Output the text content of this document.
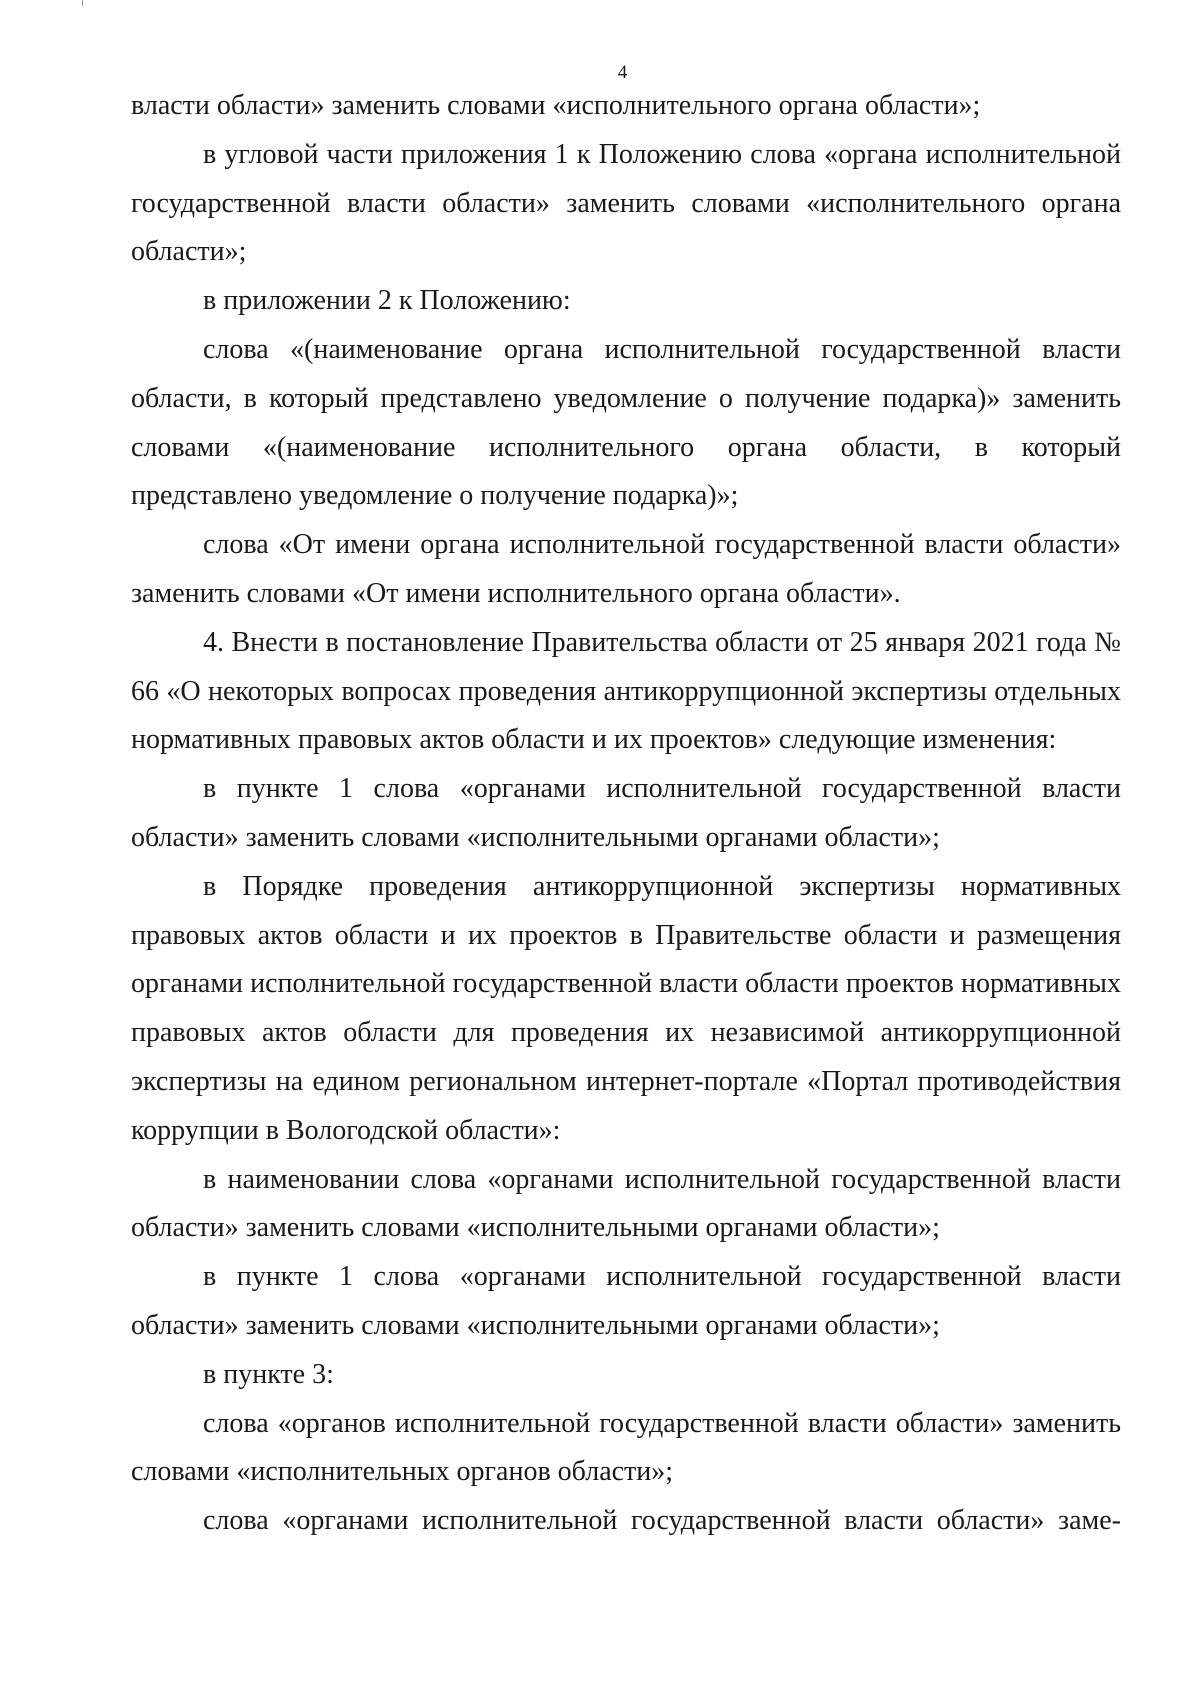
4

власти области» заменить словами «исполнительного органа области»;

в угловой части приложения 1 к Положению слова «органа исполнительной государственной власти области» заменить словами «исполнительного органа области»;

в приложении 2 к Положению:

слова «(наименование органа исполнительной государственной власти области, в который представлено уведомление о получение подарка)» заменить словами «(наименование исполнительного органа области, в который представлено уведомление о получение подарка)»;

слова «От имени органа исполнительной государственной власти области» заменить словами «От имени исполнительного органа области».

4. Внести в постановление Правительства области от 25 января 2021 года № 66 «О некоторых вопросах проведения антикоррупционной экспертизы отдельных нормативных правовых актов области и их проектов» следующие изменения:

в пункте 1 слова «органами исполнительной государственной власти области» заменить словами «исполнительными органами области»;

в Порядке проведения антикоррупционной экспертизы нормативных правовых актов области и их проектов в Правительстве области и размещения органами исполнительной государственной власти области проектов нормативных правовых актов области для проведения их независимой антикоррупционной экспертизы на едином региональном интернет-портале «Портал противодействия коррупции в Вологодской области»:

в наименовании слова «органами исполнительной государственной власти области» заменить словами «исполнительными органами области»;

в пункте 1 слова «органами исполнительной государственной власти области» заменить словами «исполнительными органами области»;

в пункте 3:

слова «органов исполнительной государственной власти области» заменить словами «исполнительных органов области»;

слова «органами исполнительной государственной власти области» заме-
